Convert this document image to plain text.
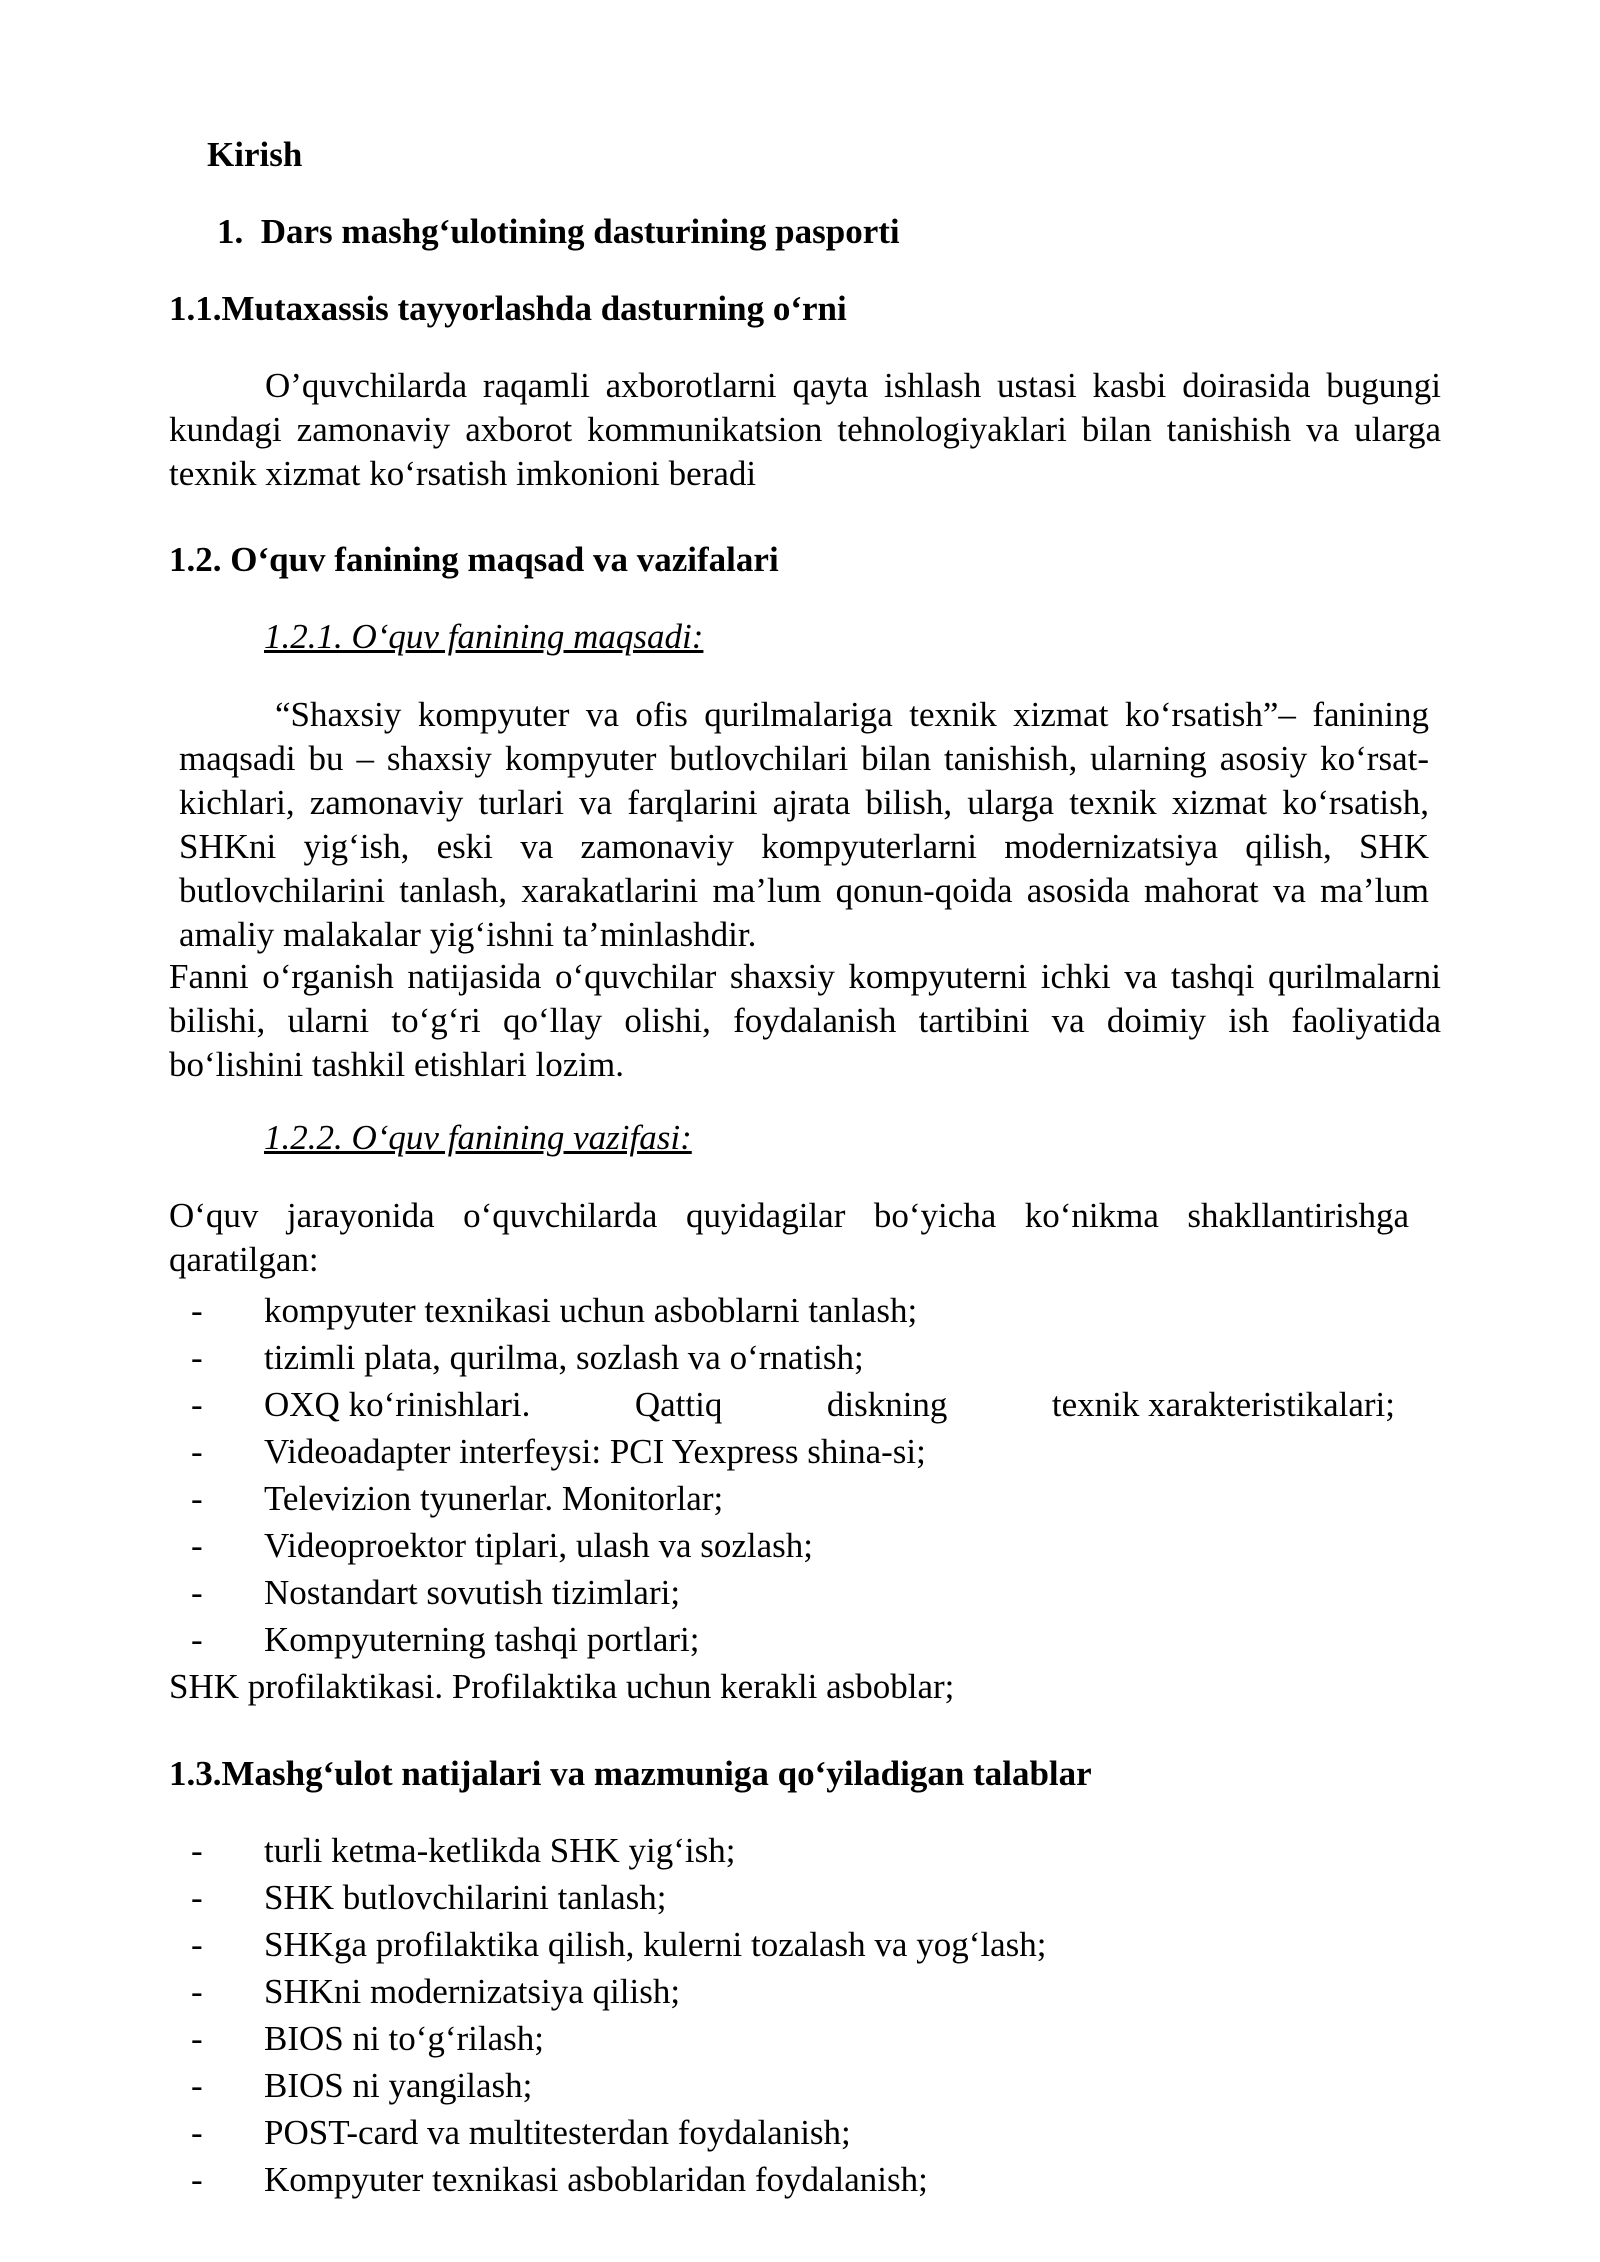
Kirish
1. Dars mashg‘ulotining dasturining pasporti
1.1.Mutaxassis tayyorlashda dasturning o‘rni

O’quvchilarda raqamli axborotlarni qayta ishlash ustasi kasbi doirasida bugungi kundagi zamonaviy axborot kommunikatsion tehnologiyaklari bilan tanishish va ularga texnik xizmat ko‘rsatish imkonioni beradi

1.2. O‘quv fanining maqsad va vazifalari

1.2.1. O‘quv fanining maqsadi:

“Shaxsiy kompyuter va ofis qurilmalariga texnik xizmat ko‘rsatish”– fanining maqsadi bu – shaxsiy kompyuter butlovchilari bilan tanishish, ularning asosiy ko‘rsat-kichlari, zamonaviy turlari va farqlarini ajrata bilish, ularga texnik xizmat ko‘rsatish, SHKni yig‘ish, eski va zamonaviy kompyuterlarni modernizatsiya qilish, SHK butlovchilarini tanlash, xarakatlarini ma’lum qonun-qoida asosida mahorat va ma’lum amaliy malakalar yig‘ishni ta’minlashdir.

Fanni o‘rganish natijasida o‘quvchilar shaxsiy kompyuterni ichki va tashqi qurilmalarni bilishi, ularni to‘g‘ri qo‘llay olishi, foydalanish tartibini va doimiy ish faoliyatida bo‘lishini tashkil etishlari lozim.

1.2.2. O‘quv fanining vazifasi:

O‘quv jarayonida o‘quvchilarda quyidagilar bo‘yicha ko‘nikma shakllantirishga qaratilgan:

- kompyuter texnikasi uchun asboblarni tanlash;
- tizimli plata, qurilma, sozlash va o‘rnatish;
- OXQ ko‘rinishlari.	Qattiq	diskning	texnik xarakteristikalari;
- Videoadapter interfeysi: PCI Yexpress shina-si;
- Televizion tyunerlar. Monitorlar;
- Videoproektor tiplari, ulash va sozlash;
- Nostandart sovutish tizimlari;
- Kompyuterning tashqi portlari;

SHK profilaktikasi. Profilaktika uchun kerakli asboblar;

1.3.Mashg‘ulot natijalari va mazmuniga qo‘yiladigan talablar
- turli ketma-ketlikda SHK yig‘ish;
- SHK butlovchilarini tanlash;
- SHKga profilaktika qilish, kulerni tozalash va yog‘lash;
- SHKni modernizatsiya qilish;
- BIOS ni to‘g‘rilash;
- BIOS ni yangilash;
- POST-card va multitesterdan foydalanish;
- Kompyuter texnikasi asboblaridan foydalanish;
